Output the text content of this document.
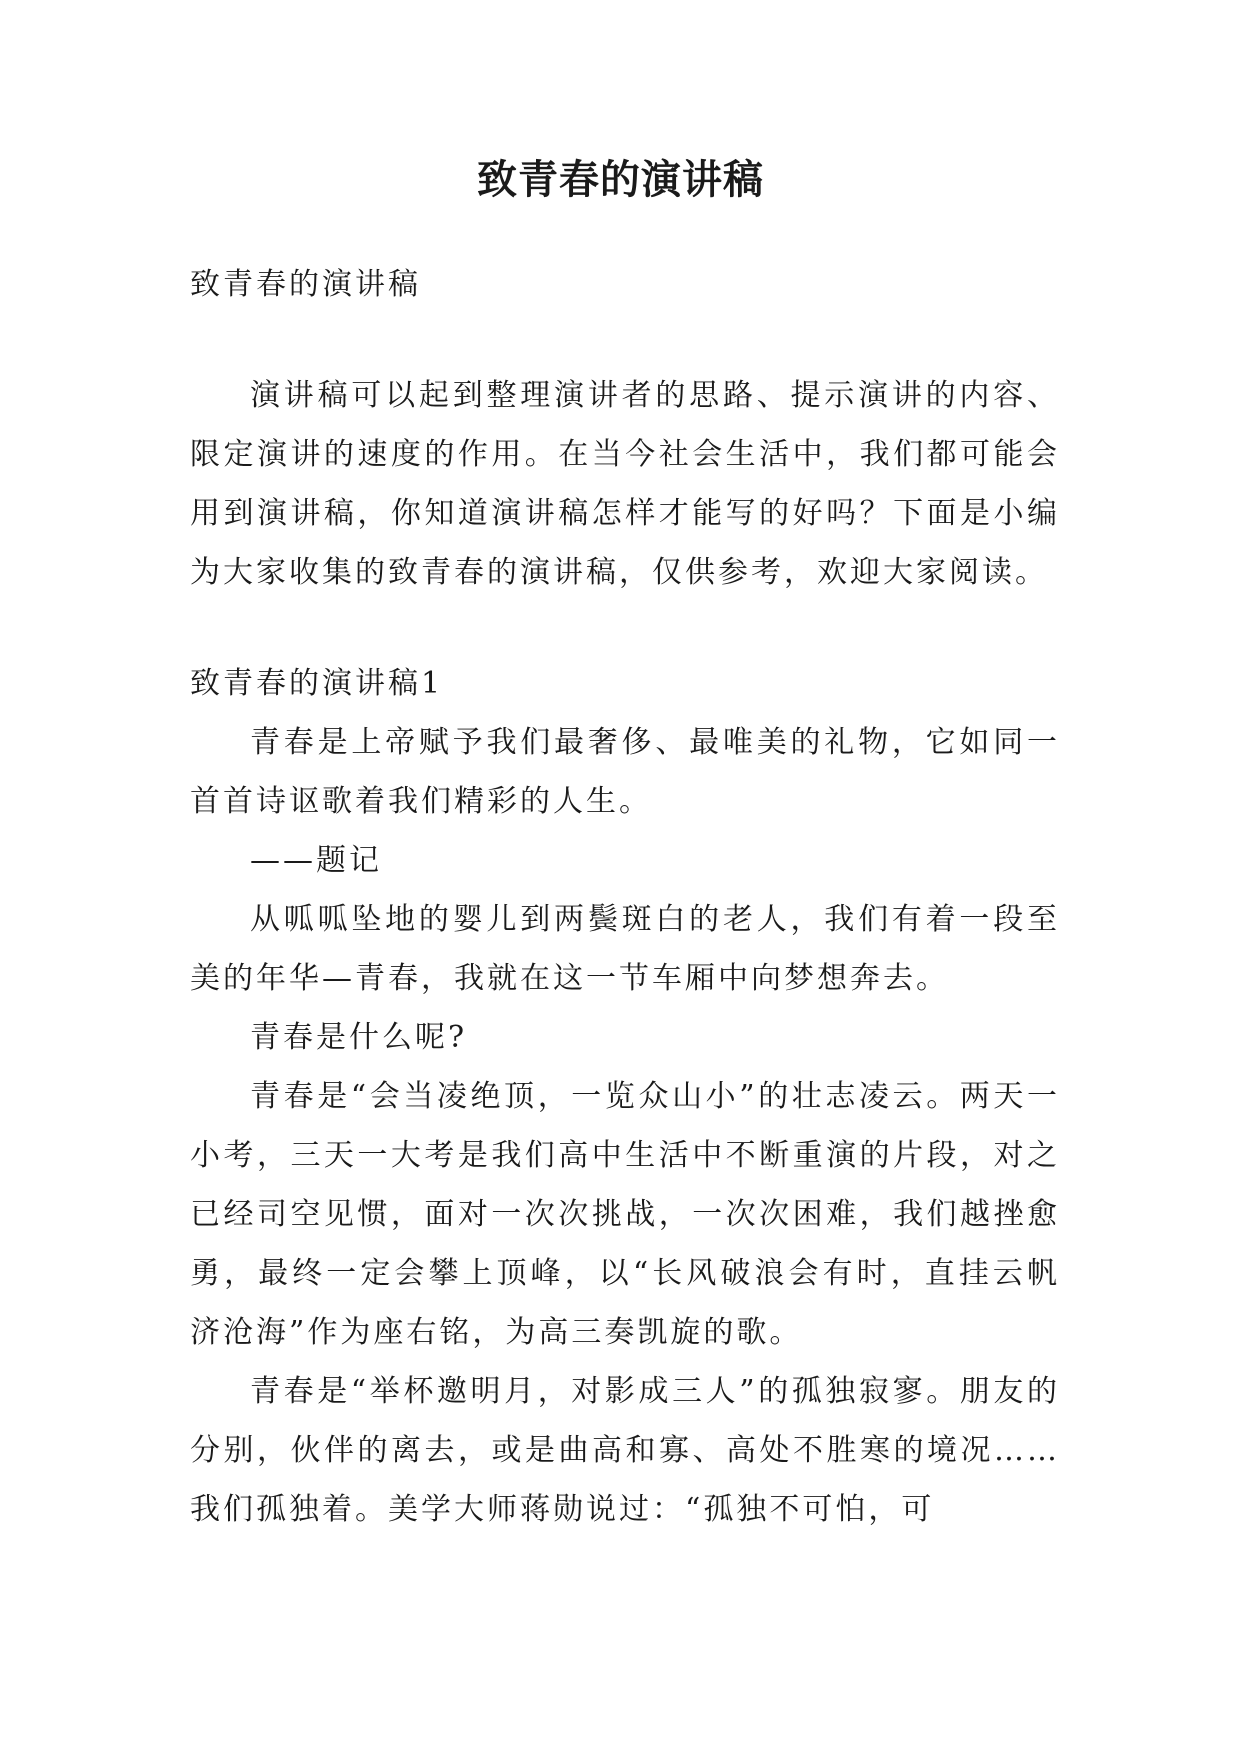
致青春的演讲稿

致青春的演讲稿

演讲稿可以起到整理演讲者的思路、提示演讲的内容、限定演讲的速度的作用。在当今社会生活中，我们都可能会用到演讲稿，你知道演讲稿怎样才能写的好吗？下面是小编为大家收集的致青春的演讲稿，仅供参考，欢迎大家阅读。

致青春的演讲稿1

青春是上帝赋予我们最奢侈、最唯美的礼物，它如同一首首诗讴歌着我们精彩的人生。

——题记

从呱呱坠地的婴儿到两鬓斑白的老人，我们有着一段至美的年华—青春，我就在这一节车厢中向梦想奔去。

青春是什么呢?

青春是“会当凌绝顶，一览众山小”的壮志凌云。两天一小考，三天一大考是我们高中生活中不断重演的片段，对之已经司空见惯，面对一次次挑战，一次次困难，我们越挫愈勇，最终一定会攀上顶峰，以“长风破浪会有时，直挂云帆济沧海”作为座右铭，为高三奏凯旋的歌。

青春是“举杯邀明月，对影成三人”的孤独寂寥。朋友的分别，伙伴的离去，或是曲高和寡、高处不胜寒的境况……我们孤独着。美学大师蒋勋说过：“孤独不可怕，可
